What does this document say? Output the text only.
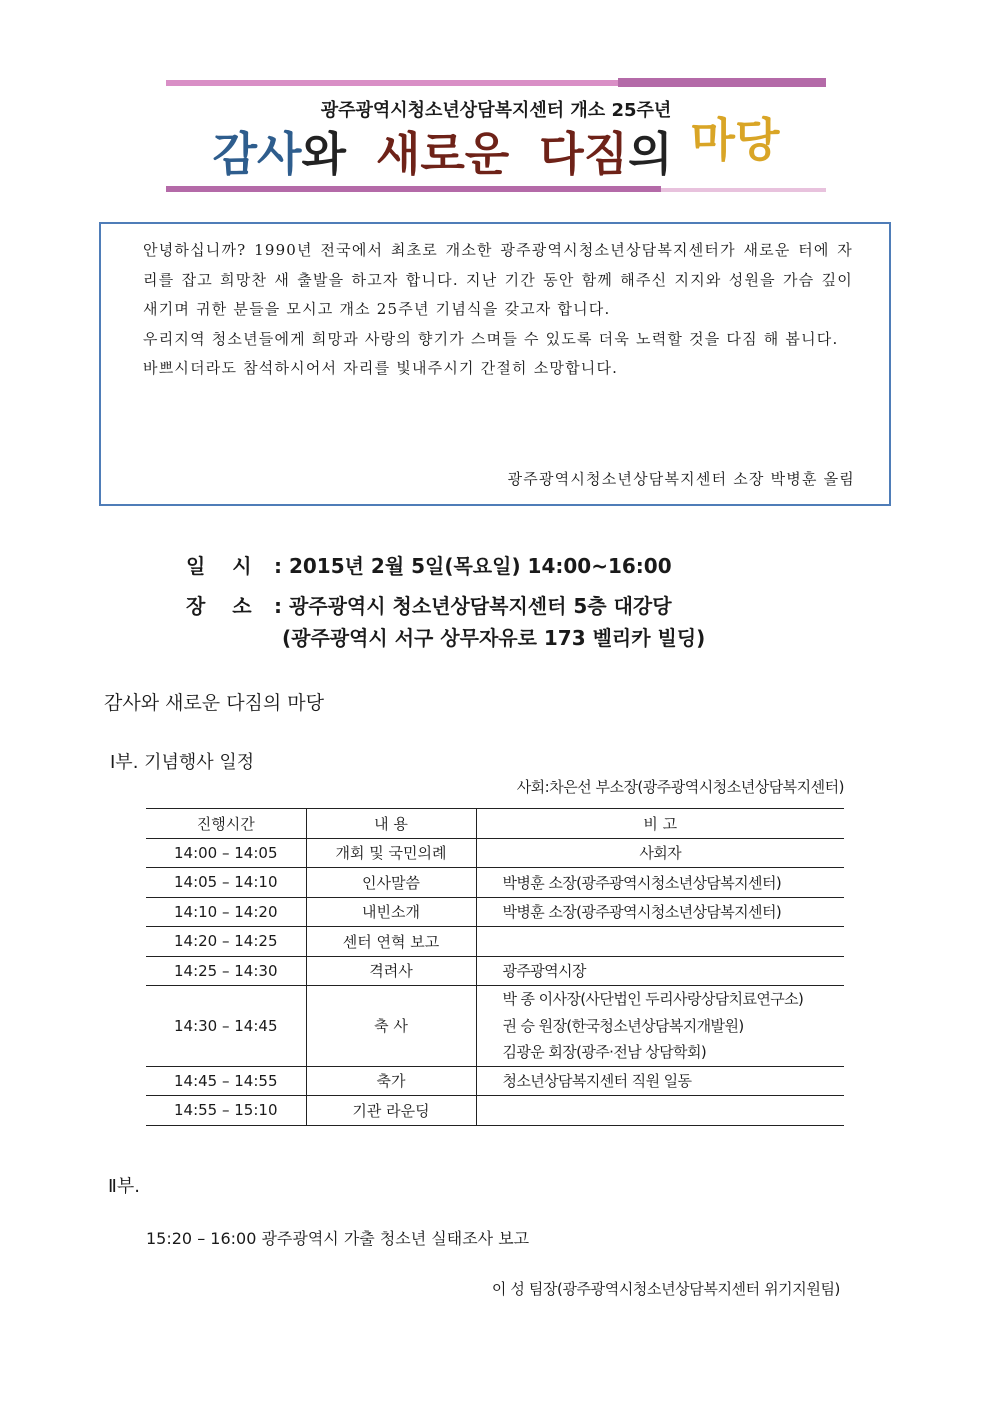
광주광역시청소년상담복지센터 개소 25주년
감사와 새로운 다짐의 마당

안녕하십니까? 1990년 전국에서 최초로 개소한 광주광역시청소년상담복지센터가 새로운 터에 자리를 잡고 희망찬 새 출발을 하고자 합니다. 지난 기간 동안 함께 해주신 지지와 성원을 가슴 깊이 새기며 귀한 분들을 모시고 개소 25주년 기념식을 갖고자 합니다.

우리지역 청소년들에게 희망과 사랑의 향기가 스며들 수 있도록 더욱 노력할 것을 다짐 해 봅니다.

바쁘시더라도 참석하시어서 자리를 빛내주시기 간절히 소망합니다.

광주광역시청소년상담복지센터 소장 박병훈 올림
일 시 : 2015년 2월 5일(목요일) 14:00~16:00
장 소 : 광주광역시 청소년상담복지센터 5층 대강당
(광주광역시 서구 상무자유로 173 벨리카 빌딩)
감사와 새로운 다짐의 마당
Ⅰ부. 기념행사 일정
사회:차은선 부소장(광주광역시청소년상담복지센터)
진행시간	내 용	비 고
14:00 – 14:05	개회 및 국민의례	사회자
14:05 – 14:10	인사말씀	박병훈 소장(광주광역시청소년상담복지센터)
14:10 – 14:20	내빈소개	박병훈 소장(광주광역시청소년상담복지센터)
14:20 – 14:25	센터 연혁 보고	
14:25 – 14:30	격려사	광주광역시장
14:30 – 14:45	축 사	박 종 이사장(사단법인 두리사랑상담치료연구소)
권 승 원장(한국청소년상담복지개발원)
김광운 회장(광주·전남 상담학회)

14:45 – 14:55	축가	청소년상담복지센터 직원 일동
14:55 – 15:10	기관 라운딩	
Ⅱ부.
15:20 – 16:00 광주광역시 가출 청소년 실태조사 보고
이 성 팀장(광주광역시청소년상담복지센터 위기지원팀)
